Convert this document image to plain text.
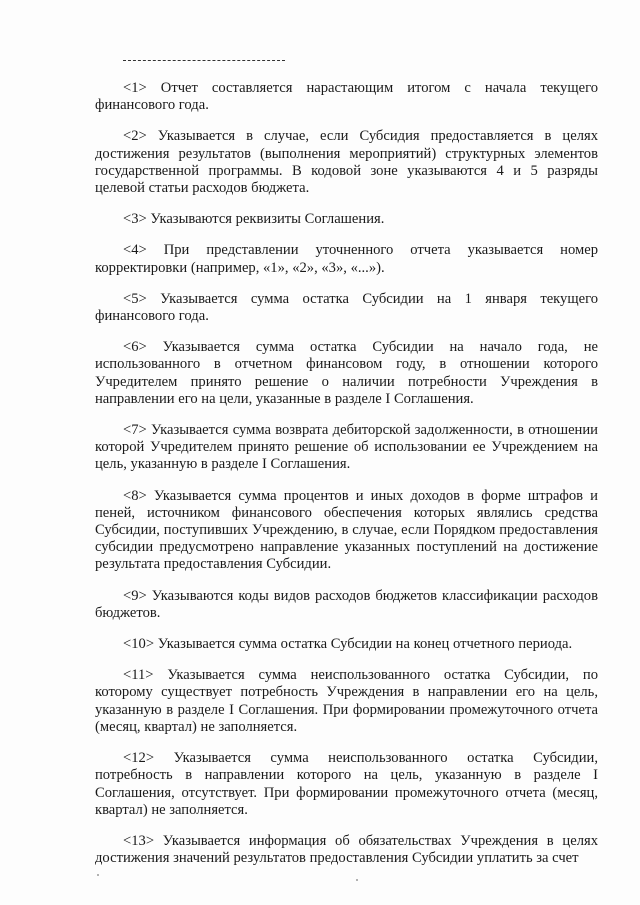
<1> Отчет составляется нарастающим итогом с начала текущего финансового года.

<2> Указывается в случае, если Субсидия предоставляется в целях достижения результатов (выполнения мероприятий) структурных элементов государственной программы. В кодовой зоне указываются 4 и 5 разряды целевой статьи расходов бюджета.

<3> Указываются реквизиты Соглашения.

<4> При представлении уточненного отчета указывается номер корректировки (например, «1», «2», «3», «...»).

<5> Указывается сумма остатка Субсидии на 1 января текущего финансового года.

<6> Указывается сумма остатка Субсидии на начало года, не использованного в отчетном финансовом году, в отношении которого Учредителем принято решение о наличии потребности Учреждения в направлении его на цели, указанные в разделе I Соглашения.

<7> Указывается сумма возврата дебиторской задолженности, в отношении которой Учредителем принято решение об использовании ее Учреждением на цель, указанную в разделе I Соглашения.

<8> Указывается сумма процентов и иных доходов в форме штрафов и пеней, источником финансового обеспечения которых являлись средства Субсидии, поступивших Учреждению, в случае, если Порядком предоставления субсидии предусмотрено направление указанных поступлений на достижение результата предоставления Субсидии.

<9> Указываются коды видов расходов бюджетов классификации расходов бюджетов.

<10> Указывается сумма остатка Субсидии на конец отчетного периода.

<11> Указывается сумма неиспользованного остатка Субсидии, по которому существует потребность Учреждения в направлении его на цель, указанную в разделе I Соглашения. При формировании промежуточного отчета (месяц, квартал) не заполняется.

<12> Указывается сумма неиспользованного остатка Субсидии, потребность в направлении которого на цель, указанную в разделе I Соглашения, отсутствует. При формировании промежуточного отчета (месяц, квартал) не заполняется.

<13> Указывается информация об обязательствах Учреждения в целях достижения значений результатов предоставления Субсидии уплатить за счет
